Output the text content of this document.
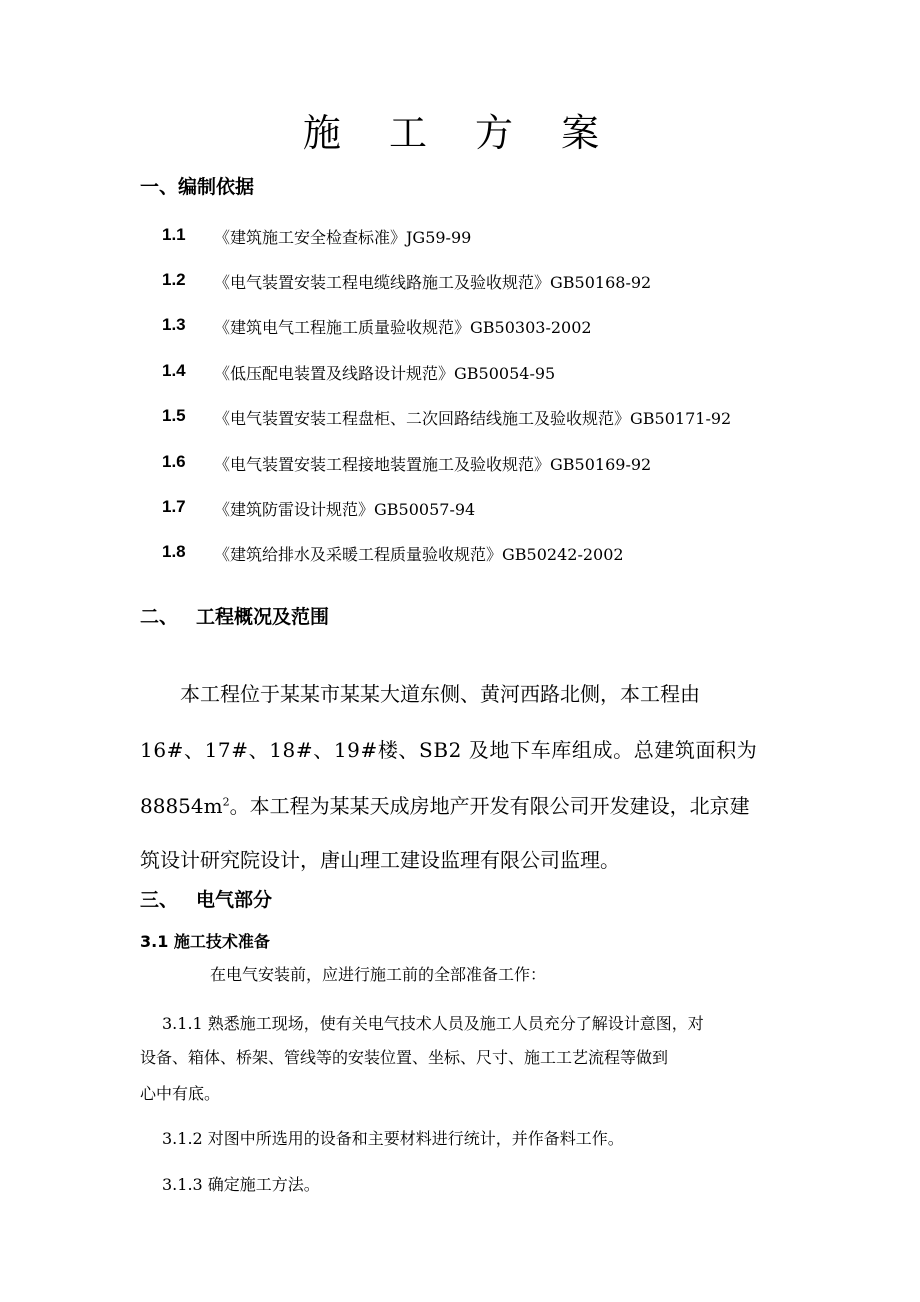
施 工 方 案
一、编制依据
1.1 《建筑施工安全检查标准》JG59-99
1.2 《电气装置安装工程电缆线路施工及验收规范》GB50168-92
1.3 《建筑电气工程施工质量验收规范》GB50303-2002
1.4 《低压配电装置及线路设计规范》GB50054-95
1.5 《电气装置安装工程盘柜、二次回路结线施工及验收规范》GB50171-92
1.6 《电气装置安装工程接地装置施工及验收规范》GB50169-92
1.7 《建筑防雷设计规范》GB50057-94
1.8 《建筑给排水及采暖工程质量验收规范》GB50242-2002
二、 工程概况及范围
本工程位于某某市某某大道东侧、黄河西路北侧，本工程由
16#、17#、18#、19#楼、SB2 及地下车库组成。总建筑面积为
$88854m^2$。本工程为某某天成房地产开发有限公司开发建设，北京建
筑设计研究院设计，唐山理工建设监理有限公司监理。
三、 电气部分
3.1 施工技术准备
在电气安装前，应进行施工前的全部准备工作：
3.1.1 熟悉施工现场，使有关电气技术人员及施工人员充分了解设计意图，对
设备、箱体、桥架、管线等的安装位置、坐标、尺寸、施工工艺流程等做到
心中有底。
3.1.2 对图中所选用的设备和主要材料进行统计，并作备料工作。
3.1.3 确定施工方法。
